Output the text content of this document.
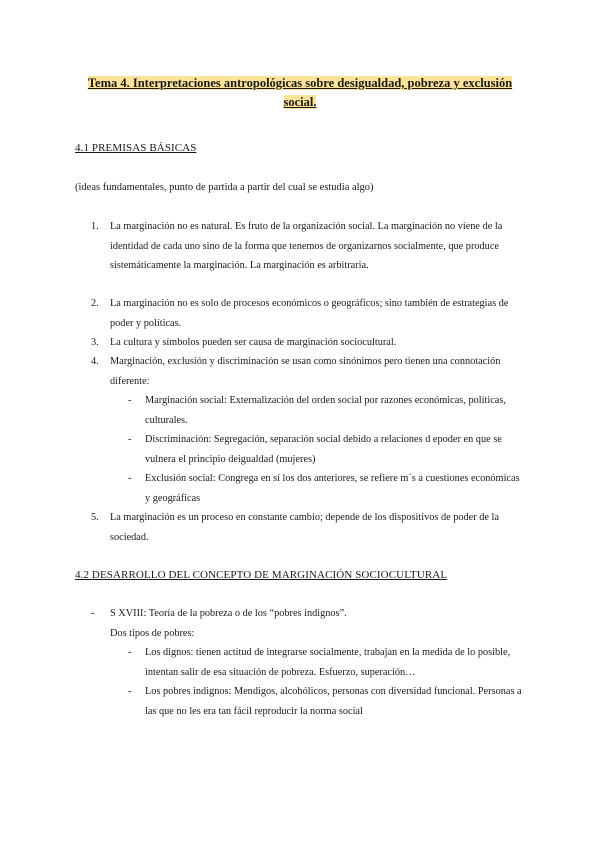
Tema 4. Interpretaciones antropológicas sobre desigualdad, pobreza y exclusión social.
4.1 PREMISAS BÁSICAS
(ideas fundamentales, punto de partida a partir del cual se estudia algo)
1. La marginación no es natural. Es fruto de la organización social. La marginación no viene de la identidad de cada uno sino de la forma que tenemos de organizarnos socialmente, que produce sistemáticamente la marginación. La marginación es arbitraria.
2. La marginación no es solo de procesos económicos o geográficos; sino también de estrategias de poder y políticas.
3. La cultura y símbolos pueden ser causa de marginación sociocultural.
4. Marginación, exclusión y discriminación se usan como sinónimos pero tienen una connotación diferente:
- Marginación social: Externalización del orden social por razones económicas, políticas, culturales.
- Discriminación: Segregación, separación social debido a relaciones d epoder en que se vulnera el principio deigualdad (mujeres)
- Exclusión social: Congrega en sí los dos anteriores, se refiere m´s a cuestiones económicas y geográficas
5. La marginación es un proceso en constante cambio; depende de los dispositivos de poder de la sociedad.
4.2 DESARROLLO DEL CONCEPTO DE MARGINACIÓN SOCIOCULTURAL
- S XVIII: Teoría de la pobreza o de los “pobres indignos”.
Dos tipos de pobres:
- Los dignos: tienen actitud de integrarse socialmente, trabajan en la medida de lo posible, intentan salir de esa situación de pobreza. Esfuerzo, superación…
- Los pobres indignos: Mendigos, alcohólicos, personas con diversidad funcional. Personas a las que no les era tan fácil reproducir la norma social
